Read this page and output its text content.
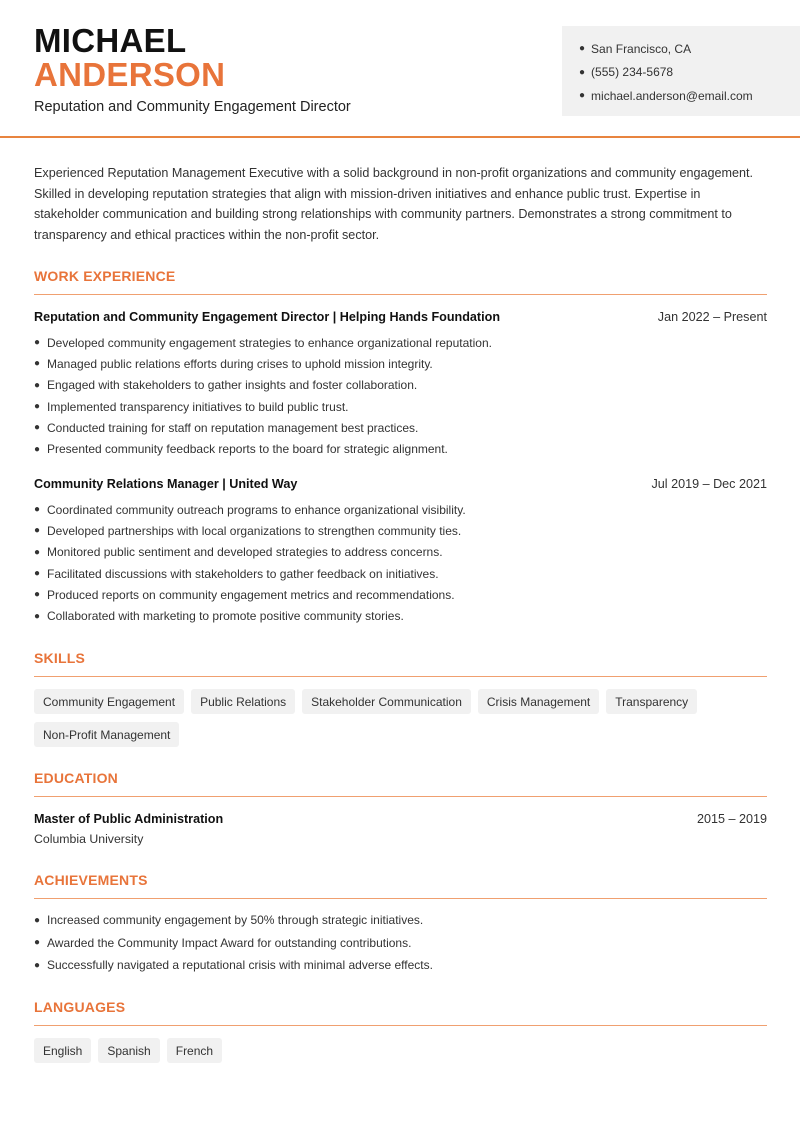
MICHAEL
ANDERSON
Reputation and Community Engagement Director
● San Francisco, CA
● (555) 234-5678
● michael.anderson@email.com

Experienced Reputation Management Executive with a solid background in non-profit organizations and community engagement. Skilled in developing reputation strategies that align with mission-driven initiatives and enhance public trust. Expertise in stakeholder communication and building strong relationships with community partners. Demonstrates a strong commitment to transparency and ethical practices within the non-profit sector.

WORK EXPERIENCE
Reputation and Community Engagement Director | Helping Hands Foundation	Jan 2022 – Present
● Developed community engagement strategies to enhance organizational reputation.
● Managed public relations efforts during crises to uphold mission integrity.
● Engaged with stakeholders to gather insights and foster collaboration.
● Implemented transparency initiatives to build public trust.
● Conducted training for staff on reputation management best practices.
● Presented community feedback reports to the board for strategic alignment.
Community Relations Manager | United Way	Jul 2019 – Dec 2021
● Coordinated community outreach programs to enhance organizational visibility.
● Developed partnerships with local organizations to strengthen community ties.
● Monitored public sentiment and developed strategies to address concerns.
● Facilitated discussions with stakeholders to gather feedback on initiatives.
● Produced reports on community engagement metrics and recommendations.
● Collaborated with marketing to promote positive community stories.
SKILLS
Community Engagement	Public Relations	Stakeholder Communication	Crisis Management	Transparency
Non-Profit Management
EDUCATION
Master of Public Administration	2015 – 2019
Columbia University
ACHIEVEMENTS
● Increased community engagement by 50% through strategic initiatives.
● Awarded the Community Impact Award for outstanding contributions.
● Successfully navigated a reputational crisis with minimal adverse effects.
LANGUAGES
English	Spanish	French
